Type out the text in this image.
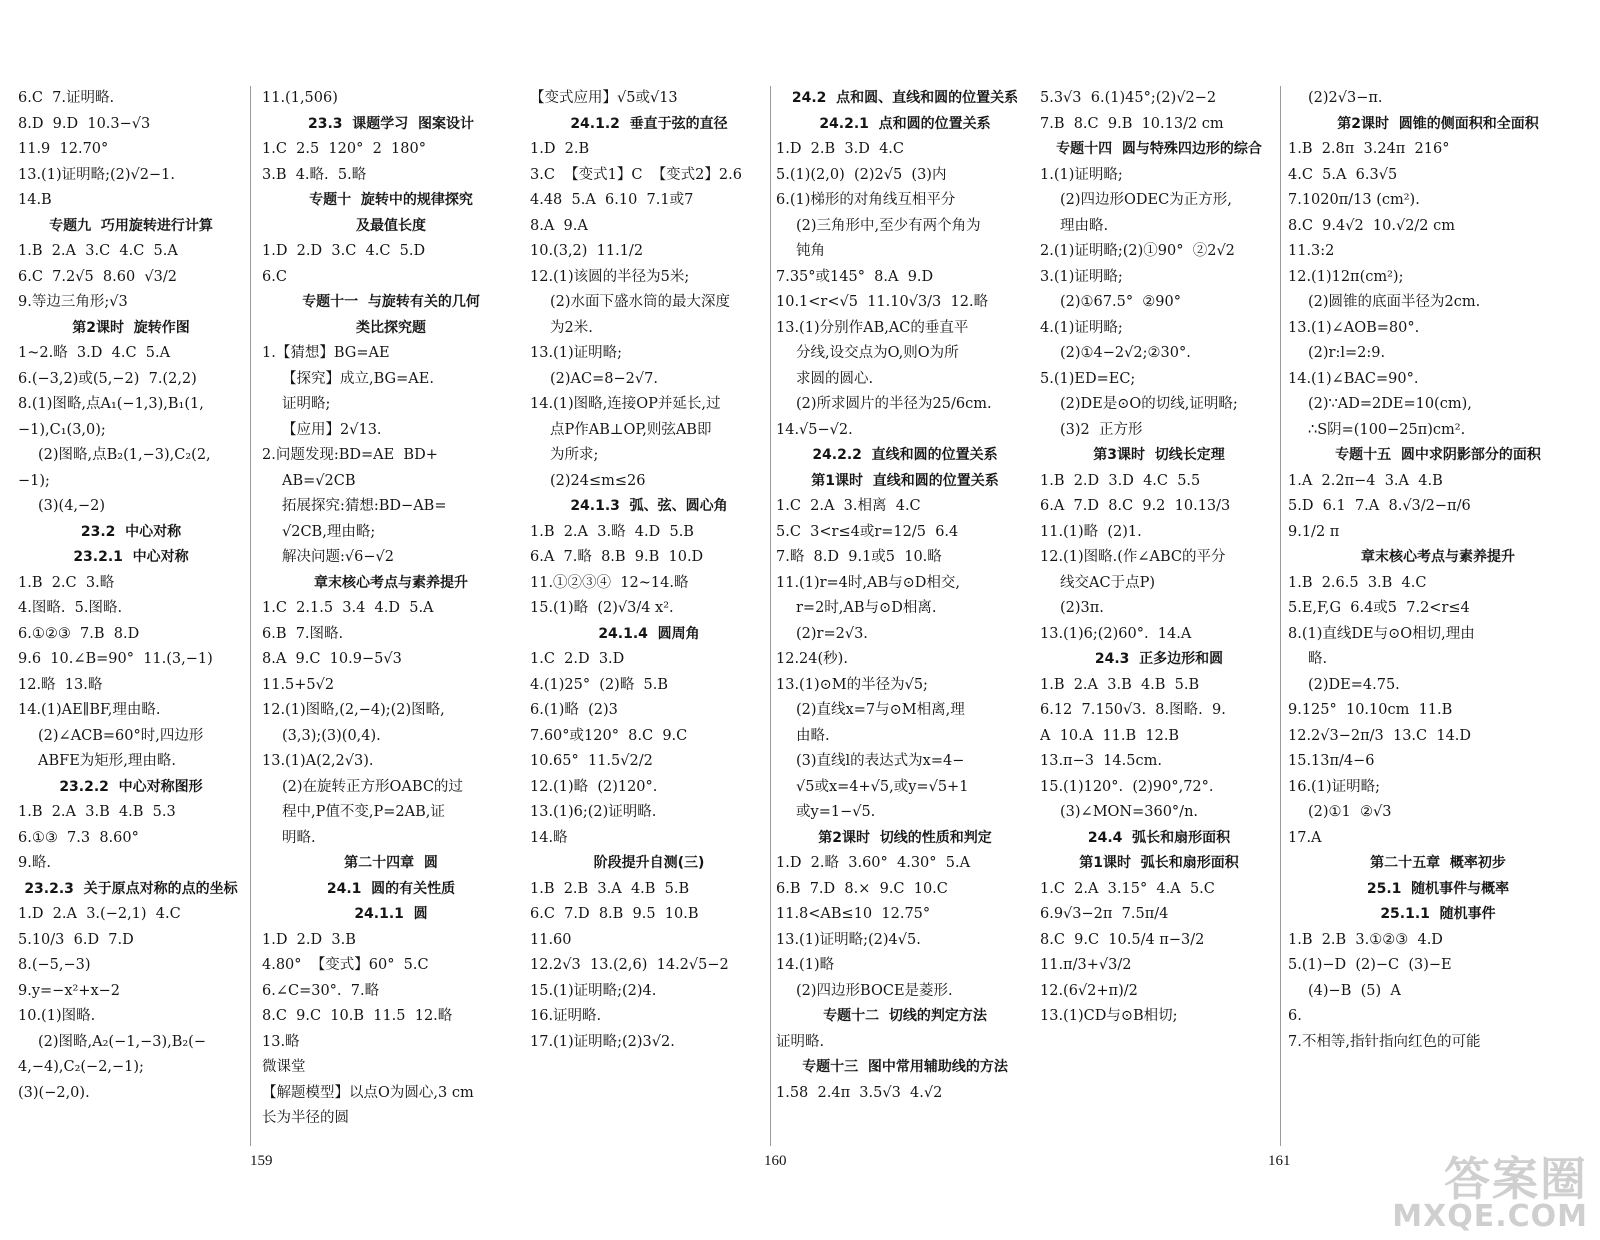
6.C  7.证明略.
8.D  9.D  10.3−√3
11.9  12.70°
13.(1)证明略;(2)√2−1.
14.B
专题九  巧用旋转进行计算
1.B  2.A  3.C  4.C  5.A
6.C  7.2√5  8.60  √3/2
9.等边三角形;√3
第2课时  旋转作图
1~2.略  3.D  4.C  5.A
6.(−3,2)或(5,−2)  7.(2,2)
8.(1)图略,点A₁(−1,3),B₁(1,
−1),C₁(3,0);
(2)图略,点B₂(1,−3),C₂(2,
−1);
(3)(4,−2)
23.2  中心对称
23.2.1  中心对称
1.B  2.C  3.略
4.图略.  5.图略.
6.①②③  7.B  8.D
9.6  10.∠B=90°  11.(3,−1)
12.略  13.略
14.(1)AE∥BF,理由略.
(2)∠ACB=60°时,四边形
ABFE为矩形,理由略.
23.2.2  中心对称图形
1.B  2.A  3.B  4.B  5.3
6.①③  7.3  8.60°
9.略.
23.2.3  关于原点对称的点的坐标
1.D  2.A  3.(−2,1)  4.C
5.10/3  6.D  7.D
8.(−5,−3)
9.y=−x²+x−2
10.(1)图略.
(2)图略,A₂(−1,−3),B₂(−
4,−4),C₂(−2,−1);
(3)(−2,0).
11.(1,506)
23.3  课题学习  图案设计
1.C  2.5  120°  2  180°
3.B  4.略.  5.略
专题十  旋转中的规律探究
及最值长度
1.D  2.D  3.C  4.C  5.D
6.C
专题十一  与旋转有关的几何
类比探究题
1.【猜想】BG=AE
【探究】成立,BG=AE.
证明略;
【应用】2√13.
2.问题发现:BD=AE  BD+
AB=√2CB
拓展探究:猜想:BD−AB=
√2CB,理由略;
解决问题:√6−√2
章末核心考点与素养提升
1.C  2.1.5  3.4  4.D  5.A
6.B  7.图略.
8.A  9.C  10.9−5√3
11.5+5√2
12.(1)图略,(2,−4);(2)图略,
(3,3);(3)(0,4).
13.(1)A(2,2√3).
(2)在旋转正方形OABC的过
程中,P值不变,P=2AB,证
明略.
第二十四章  圆
24.1  圆的有关性质
24.1.1  圆
1.D  2.D  3.B
4.80°  【变式】60°  5.C
6.∠C=30°.  7.略
8.C  9.C  10.B  11.5  12.略
13.略
微课堂
【解题模型】以点O为圆心,3 cm
长为半径的圆
【变式应用】√5或√13
24.1.2  垂直于弦的直径
1.D  2.B
3.C  【变式1】C  【变式2】2.6
4.48  5.A  6.10  7.1或7
8.A  9.A
10.(3,2)  11.1/2
12.(1)该圆的半径为5米;
(2)水面下盛水筒的最大深度
为2米.
13.(1)证明略;
(2)AC=8−2√7.
14.(1)图略,连接OP并延长,过
点P作AB⊥OP,则弦AB即
为所求;
(2)24≤m≤26
24.1.3  弧、弦、圆心角
1.B  2.A  3.略  4.D  5.B
6.A  7.略  8.B  9.B  10.D
11.①②③④  12~14.略
15.(1)略  (2)√3/4 x².
24.1.4  圆周角
1.C  2.D  3.D
4.(1)25°  (2)略  5.B
6.(1)略  (2)3
7.60°或120°  8.C  9.C
10.65°  11.5√2/2
12.(1)略  (2)120°.
13.(1)6;(2)证明略.
14.略
阶段提升自测(三)
1.B  2.B  3.A  4.B  5.B
6.C  7.D  8.B  9.5  10.B
11.60
12.2√3  13.(2,6)  14.2√5−2
15.(1)证明略;(2)4.
16.证明略.
17.(1)证明略;(2)3√2.
24.2  点和圆、直线和圆的位置关系
24.2.1  点和圆的位置关系
1.D  2.B  3.D  4.C
5.(1)(2,0)  (2)2√5  (3)内
6.(1)梯形的对角线互相平分
(2)三角形中,至少有两个角为
钝角
7.35°或145°  8.A  9.D
10.1<r<√5  11.10√3/3  12.略
13.(1)分别作AB,AC的垂直平
分线,设交点为O,则O为所
求圆的圆心.
(2)所求圆片的半径为25/6cm.
14.√5−√2.
24.2.2  直线和圆的位置关系
第1课时  直线和圆的位置关系
1.C  2.A  3.相离  4.C
5.C  3<r≤4或r=12/5  6.4
7.略  8.D  9.1或5  10.略
11.(1)r=4时,AB与⊙D相交,
r=2时,AB与⊙D相离.
(2)r=2√3.
12.24(秒).
13.(1)⊙M的半径为√5;
(2)直线x=7与⊙M相离,理
由略.
(3)直线l的表达式为x=4−
√5或x=4+√5,或y=√5+1
或y=1−√5.
第2课时  切线的性质和判定
1.D  2.略  3.60°  4.30°  5.A
6.B  7.D  8.×  9.C  10.C
11.8<AB≤10  12.75°
13.(1)证明略;(2)4√5.
14.(1)略
(2)四边形BOCE是菱形.
专题十二  切线的判定方法
证明略.
专题十三  图中常用辅助线的方法
1.58  2.4π  3.5√3  4.√2
5.3√3  6.(1)45°;(2)√2−2
7.B  8.C  9.B  10.13/2 cm
专题十四  圆与特殊四边形的综合
1.(1)证明略;
(2)四边形ODEC为正方形,
理由略.
2.(1)证明略;(2)①90°  ②2√2
3.(1)证明略;
(2)①67.5°  ②90°
4.(1)证明略;
(2)①4−2√2;②30°.
5.(1)ED=EC;
(2)DE是⊙O的切线,证明略;
(3)2  正方形
第3课时  切线长定理
1.B  2.D  3.D  4.C  5.5
6.A  7.D  8.C  9.2  10.13/3
11.(1)略  (2)1.
12.(1)图略.(作∠ABC的平分
线交AC于点P)
(2)3π.
13.(1)6;(2)60°.  14.A
24.3  正多边形和圆
1.B  2.A  3.B  4.B  5.B
6.12  7.150√3.  8.图略.  9.
A  10.A  11.B  12.B
13.π−3  14.5cm.
15.(1)120°.  (2)90°,72°.
(3)∠MON=360°/n.
24.4  弧长和扇形面积
第1课时  弧长和扇形面积
1.C  2.A  3.15°  4.A  5.C
6.9√3−2π  7.5π/4
8.C  9.C  10.5/4 π−3/2
11.π/3+√3/2
12.(6√2+π)/2
13.(1)CD与⊙B相切;
(2)2√3−π.
第2课时  圆锥的侧面积和全面积
1.B  2.8π  3.24π  216°
4.C  5.A  6.3√5
7.1020π/13 (cm²).
8.C  9.4√2  10.√2/2 cm
11.3:2
12.(1)12π(cm²);
(2)圆锥的底面半径为2cm.
13.(1)∠AOB=80°.
(2)r:l=2:9.
14.(1)∠BAC=90°.
(2)∵AD=2DE=10(cm),
∴S阴=(100−25π)cm².
专题十五  圆中求阴影部分的面积
1.A  2.2π−4  3.A  4.B
5.D  6.1  7.A  8.√3/2−π/6
9.1/2 π
章末核心考点与素养提升
1.B  2.6.5  3.B  4.C
5.E,F,G  6.4或5  7.2<r≤4
8.(1)直线DE与⊙O相切,理由
略.
(2)DE=4.75.
9.125°  10.10cm  11.B
12.2√3−2π/3  13.C  14.D
15.13π/4−6
16.(1)证明略;
(2)①1  ②√3
17.A
第二十五章  概率初步
25.1  随机事件与概率
25.1.1  随机事件
1.B  2.B  3.①②③  4.D
5.(1)−D  (2)−C  (3)−E
(4)−B  (5)  A
6.
7.不相等,指针指向红色的可能
159	160	161	答案圈
MXQE.COM
